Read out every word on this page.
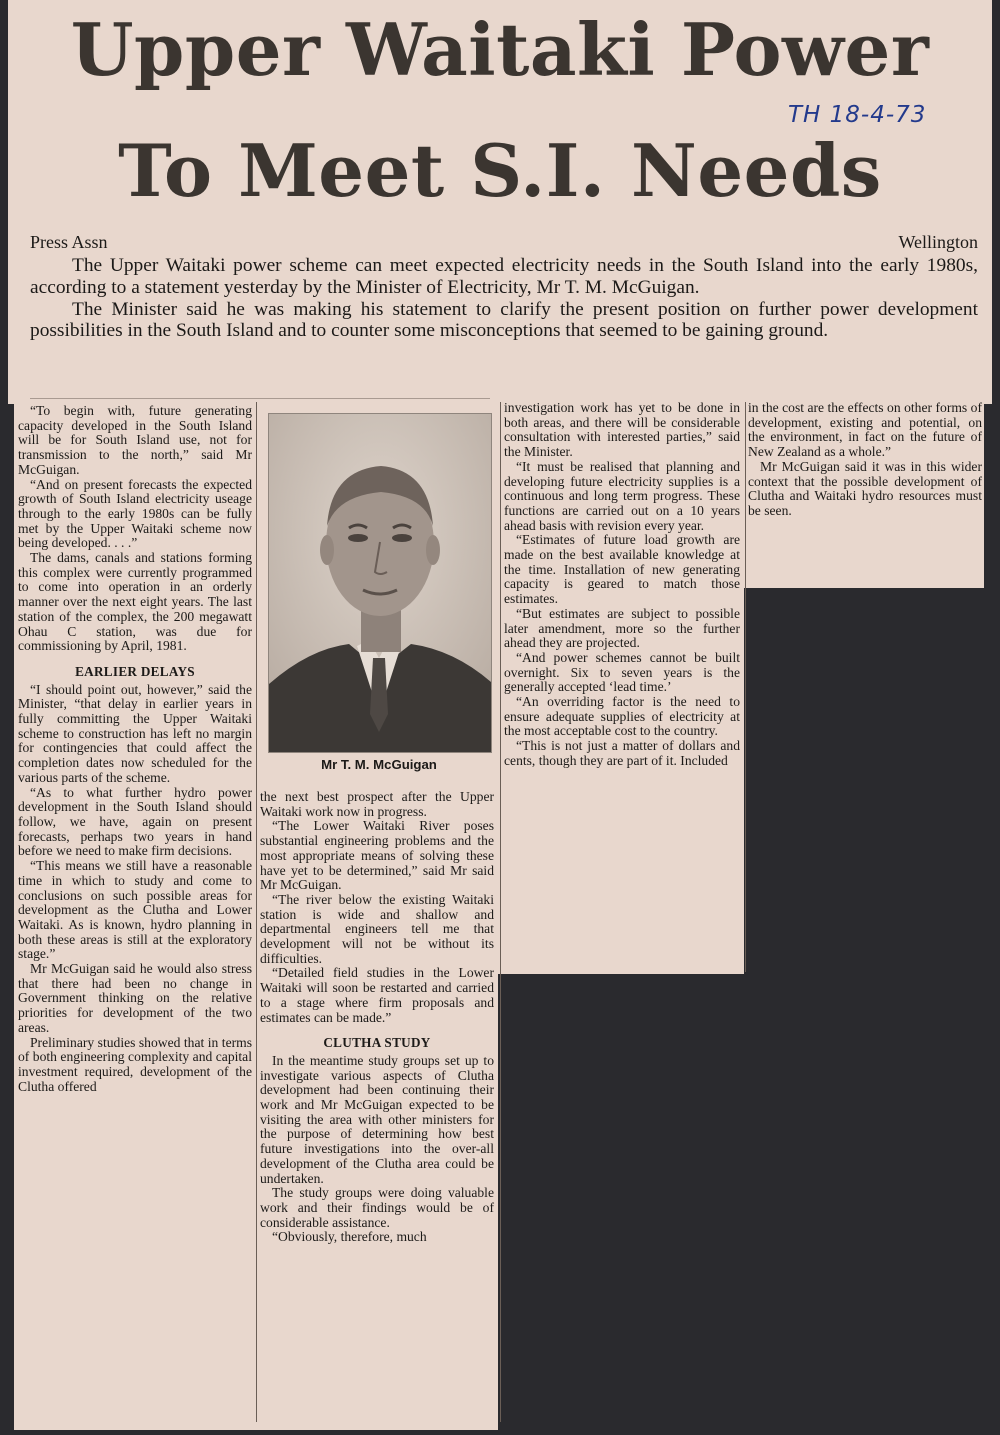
Upper Waitaki Power
To Meet S.I. Needs
TH 18-4-73
Press Assn	Wellington

The Upper Waitaki power scheme can meet expected electricity needs in the South Island into the early 1980s, according to a statement yesterday by the Minister of Electricity, Mr T. M. McGuigan.

The Minister said he was making his statement to clarify the present position on further power development possibilities in the South Island and to counter some misconceptions that seemed to be gaining ground.

“To begin with, future generating capacity developed in the South Island will be for South Island use, not for transmission to the north,” said Mr McGuigan.

“And on present forecasts the expected growth of South Island electricity useage through to the early 1980s can be fully met by the Upper Waitaki scheme now being developed. . . .”

The dams, canals and stations forming this complex were currently programmed to come into operation in an orderly manner over the next eight years. The last station of the complex, the 200 megawatt Ohau C station, was due for commissioning by April, 1981.

EARLIER DELAYS

“I should point out, however,” said the Minister, “that delay in earlier years in fully committing the Upper Waitaki scheme to construction has left no margin for contingencies that could affect the completion dates now scheduled for the various parts of the scheme.

“As to what further hydro power development in the South Island should follow, we have, again on present forecasts, perhaps two years in hand before we need to make firm decisions.

“This means we still have a reasonable time in which to study and come to conclusions on such possible areas for development as the Clutha and Lower Waitaki. As is known, hydro planning in both these areas is still at the exploratory stage.”

Mr McGuigan said he would also stress that there had been no change in Government thinking on the relative priorities for development of the two areas.

Preliminary studies showed that in terms of both engineering complexity and capital investment required, development of the Clutha offered

Mr T. M. McGuigan

the next best prospect after the Upper Waitaki work now in progress.

“The Lower Waitaki River poses substantial engineering problems and the most appropriate means of solving these have yet to be determined,” said Mr said Mr McGuigan.

“The river below the existing Waitaki station is wide and shallow and departmental engineers tell me that development will not be without its difficulties.

“Detailed field studies in the Lower Waitaki will soon be restarted and carried to a stage where firm proposals and estimates can be made.”

CLUTHA STUDY

In the meantime study groups set up to investigate various aspects of Clutha development had been continuing their work and Mr McGuigan expected to be visiting the area with other ministers for the purpose of determining how best future investigations into the over-all development of the Clutha area could be undertaken.

The study groups were doing valuable work and their findings would be of considerable assistance.

“Obviously, therefore, much

investigation work has yet to be done in both areas, and there will be considerable consultation with interested parties,” said the Minister.

“It must be realised that planning and developing future electricity supplies is a continuous and long term progress. These functions are carried out on a 10 years ahead basis with revision every year.

“Estimates of future load growth are made on the best available knowledge at the time. Installation of new generating capacity is geared to match those estimates.

“But estimates are subject to possible later amendment, more so the further ahead they are projected.

“And power schemes cannot be built overnight. Six to seven years is the generally accepted ‘lead time.’

“An overriding factor is the need to ensure adequate supplies of electricity at the most acceptable cost to the country.

“This is not just a matter of dollars and cents, though they are part of it. Included

in the cost are the effects on other forms of development, existing and potential, on the environment, in fact on the future of New Zealand as a whole.”

Mr McGuigan said it was in this wider context that the possible development of Clutha and Waitaki hydro resources must be seen.
